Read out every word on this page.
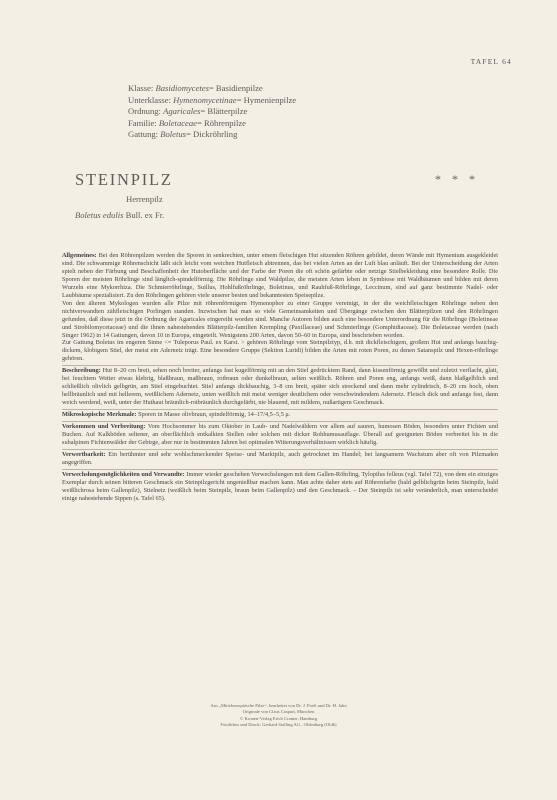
TAFEL 64
Klasse: Basidiomycetes= Basidienpilze
Unterklasse: Hymenomycetinae= Hymenienpilze
Ordnung: Agaricales= Blätterpilze
Familie: Boletaceae= Röhrenpilze
Gattung: Boletus= Dickröhrling
STEINPILZ	* * *
Herrenpilz
Boletus edulis Bull. ex Fr.

Allgemeines: Bei den Röhrenpilzen werden die Sporen in senkrechten, unter einem fleischigen Hut sitzenden Röhren gebildet, deren Wände mit Hymenium ausgekleidet sind. Die schwammige Röhrenschicht läßt sich leicht vom weichen Hutfleisch abtrennen, das bei vielen Arten an der Luft blau anläuft. Bei der Unterscheidung der Arten spielt neben der Färbung und Beschaffenheit der Hutoberfläche und der Farbe der Poren die oft schön gefärbte oder netzige Stielbekleidung eine besondere Rolle. Die Sporen der meisten Röhrlinge sind länglich-spindelförmig. Die Röhrlinge sind Waldpilze, die meisten Arten leben in Symbiose mit Waldbäumen und bilden mit deren Wurzeln eine Mykorrhiza. Die Schmierröhrlinge, Suillus, Hohlfußröhrlinge, Boletinus, und Rauhfuß-Röhrlinge, Leccinum, sind auf ganz bestimmte Nadel- oder Laubbäume spezialisiert. Zu den Röhrlingen gehören viele unserer besten und bekanntesten Speisepilze.

Von den älteren Mykologen wurden alle Pilze mit röhrenförmigem Hymenophor zu einer Gruppe vereinigt, in der die weichfleischigen Röhrlinge neben den nichtverwandten zähfleischigen Porlingen standen. Inzwischen hat man so viele Gemeinsamkeiten und Übergänge zwischen den Blätterpilzen und den Röhrlingen gefunden, daß diese jetzt in die Ordnung der Agaricales eingereiht worden sind. Manche Autoren bilden auch eine besondere Unterordnung für die Röhrlinge (Boletineae und Strobilomycetaceae) und die ihnen nahestehenden Blätterpilz-familien Krempling (Paxillaceae) und Schmierlinge (Gomphidiaceae). Die Boletaceae werden (nach Singer 1962) in 14 Gattungen, davon 10 in Europa, eingeteilt. Wenigstens 200 Arten, davon 50–60 in Europa, sind beschrieben worden.

Zur Gattung Boletus im engeren Sinne <= Tuleporus Paul. ex Karst. > gehören Röhrlinge vom Steinpilztyp, d.h. mit dickfleischigem, großem Hut und anfangs bauchig-dickem, klobigem Stiel, der meist ein Adernetz trägt. Eine besondere Gruppe (Sektion Luridi) bilden die Arten mit roten Poren, zu denen Satanspilz und Hexen-röhrlinge gehören.

Beschreibung: Hut 8–20 cm breit, sehen noch breiter, anfangs fast kugelförmig mit an den Stiel gedrücktem Rand, dann kissenförmig gewölbt und zuletzt verflacht, glatt, bei feuchtem Wetter etwas klebrig, blaßbraun, maßbraun, rotbraun oder dunkelbraun, selten weißlich. Röhren und Poren eng, anfangs weiß, dann blaßgelblich und schließlich olivlich gelbgrün, am Stiel eingebuchtet. Stiel anfangs dickbauchig, 3–8 cm breit, später sich streckend und dann mehr zylindrisch, 8–20 cm hoch, oben hellbräunlich und mit hellerem, weißlichem Adernetz, unten weißlich mit meist weniger deutlichem oder verschwindendem Adernetz. Fleisch dick und anfangs fest, dann weich werdend, weiß, unter der Huthaut bräunlich-rotbräunlich durchgefärbt, nie blauend, mit mildem, nußartigem Geschmack.

Mikroskopische Merkmale: Sporen in Masse olivbraun, spindelförmig, 14–17/4,5–5,5 μ.

Vorkommen und Verbreitung: Vom Hochsommer bis zum Oktober in Laub- und Nadelwäldern vor allem auf sauren, humosen Böden, besonders unter Fichten und Buchen. Auf Kalkböden seltener, an oberflächlich entkalkten Stellen oder solchen mit dicker Rohhumusauflage. Überall auf geeigneten Böden verbreitet bis in die subalpinen Fichtenwälder der Gebirge, aber nur in bestimmten Jahren bei optimalen Witterungsverhältnissen wirklich häufig.

Verwertbarkeit: Ein berühmter und sehr wohlschmeckender Speise- und Marktpilz, auch getrocknet im Handel; bei langsamem Wachstum aber oft von Pilzmaden angegriffen.

Verwechslungsmöglichkeiten und Verwandte: Immer wieder geschehen Verwechslungen mit dem Gallen-Röhrling, Tylopilus felleus (vgl. Tafel 72), von dem ein einziges Exemplar durch seinen bitteren Geschmack ein Steinpilzgericht ungenießbar machen kann. Man achte daher stets auf Röhrenfarbe (bald gelblichgrün beim Steinpilz, bald weißlichrosa beim Gallenpilz), Stielnetz (weißlich beim Steinpilz, braun beim Gallenpilz) und den Geschmack. – Der Steinpilz ist sehr veränderlich, man unterscheidet einige nahestehende Sippen (s. Tafel 65).

Aus „Mitteleuropäische Pilze“, bearbeitet von Dr. J. Poelt und Dr. H. Jahn
Originale von Claus Caspari, München
© Kronen-Verlag Erich Cramer, Hamburg
Fotolithos und Druck: Gerhard Stalling AG., Oldenburg (Oldb)
